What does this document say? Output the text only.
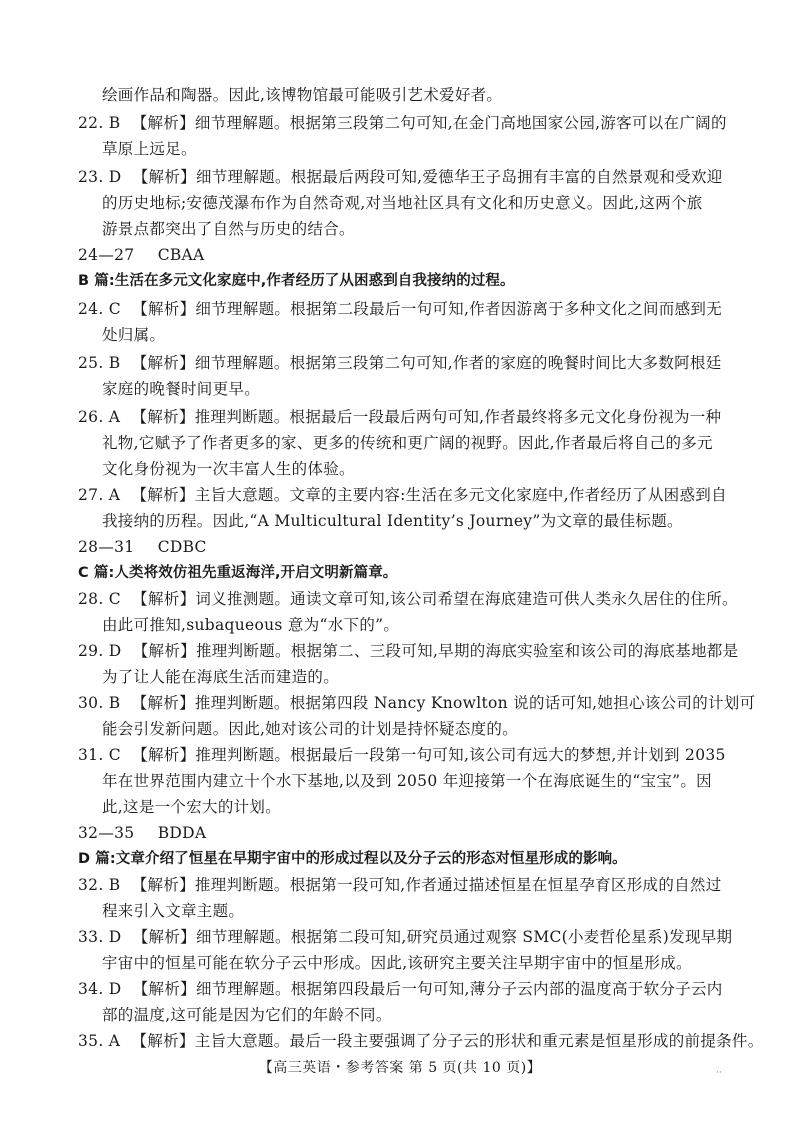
绘画作品和陶器。因此,该博物馆最可能吸引艺术爱好者。
22. B 【解析】细节理解题。根据第三段第二句可知,在金门高地国家公园,游客可以在广阔的
草原上远足。
23. D 【解析】细节理解题。根据最后两段可知,爱德华王子岛拥有丰富的自然景观和受欢迎
的历史地标;安德茂瀑布作为自然奇观,对当地社区具有文化和历史意义。因此,这两个旅
游景点都突出了自然与历史的结合。
24—27 CBAA
B 篇:生活在多元文化家庭中,作者经历了从困惑到自我接纳的过程。
24. C 【解析】细节理解题。根据第二段最后一句可知,作者因游离于多种文化之间而感到无
处归属。
25. B 【解析】细节理解题。根据第三段第二句可知,作者的家庭的晚餐时间比大多数阿根廷
家庭的晚餐时间更早。
26. A 【解析】推理判断题。根据最后一段最后两句可知,作者最终将多元文化身份视为一种
礼物,它赋予了作者更多的家、更多的传统和更广阔的视野。因此,作者最后将自己的多元
文化身份视为一次丰富人生的体验。
27. A 【解析】主旨大意题。文章的主要内容:生活在多元文化家庭中,作者经历了从困惑到自
我接纳的历程。因此,“A Multicultural Identity’s Journey”为文章的最佳标题。
28—31 CDBC
C 篇:人类将效仿祖先重返海洋,开启文明新篇章。
28. C 【解析】词义推测题。通读文章可知,该公司希望在海底建造可供人类永久居住的住所。
由此可推知,subaqueous 意为“水下的”。
29. D 【解析】推理判断题。根据第二、三段可知,早期的海底实验室和该公司的海底基地都是
为了让人能在海底生活而建造的。
30. B 【解析】推理判断题。根据第四段 Nancy Knowlton 说的话可知,她担心该公司的计划可
能会引发新问题。因此,她对该公司的计划是持怀疑态度的。
31. C 【解析】推理判断题。根据最后一段第一句可知,该公司有远大的梦想,并计划到 2035
年在世界范围内建立十个水下基地,以及到 2050 年迎接第一个在海底诞生的“宝宝”。因
此,这是一个宏大的计划。
32—35 BDDA
D 篇:文章介绍了恒星在早期宇宙中的形成过程以及分子云的形态对恒星形成的影响。
32. B 【解析】推理判断题。根据第一段可知,作者通过描述恒星在恒星孕育区形成的自然过
程来引入文章主题。
33. D 【解析】细节理解题。根据第二段可知,研究员通过观察 SMC(小麦哲伦星系)发现早期
宇宙中的恒星可能在软分子云中形成。因此,该研究主要关注早期宇宙中的恒星形成。
34. D 【解析】细节理解题。根据第四段最后一句可知,薄分子云内部的温度高于软分子云内
部的温度,这可能是因为它们的年龄不同。
【高三英语・参考答案 第 5 页(共 10 页)】	··
35. A 【解析】主旨大意题。最后一段主要强调了分子云的形状和重元素是恒星形成的前提条件。
